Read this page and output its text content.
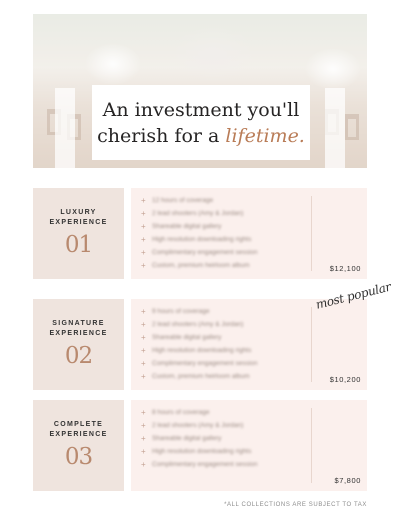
An investment you'll
cherish for a lifetime.
LUXURY
EXPERIENCE
01
+ 12 hours of coverage
+ 2 lead shooters (Amy & Jordan)
+ Shareable digital gallery
+ High resolution downloading rights
+ Complimentary engagement session
+ Custom, premium heirloom album	$12,100
SIGNATURE
EXPERIENCE
02
+ 9 hours of coverage
+ 2 lead shooters (Amy & Jordan)
+ Shareable digital gallery
+ High resolution downloading rights
+ Complimentary engagement session
+ Custom, premium heirloom album	$10,200
COMPLETE
EXPERIENCE
03
+ 8 hours of coverage
+ 2 lead shooters (Amy & Jordan)
+ Shareable digital gallery
+ High resolution downloading rights
+ Complimentary engagement session
$7,800
most popular
*ALL COLLECTIONS ARE SUBJECT TO TAX
